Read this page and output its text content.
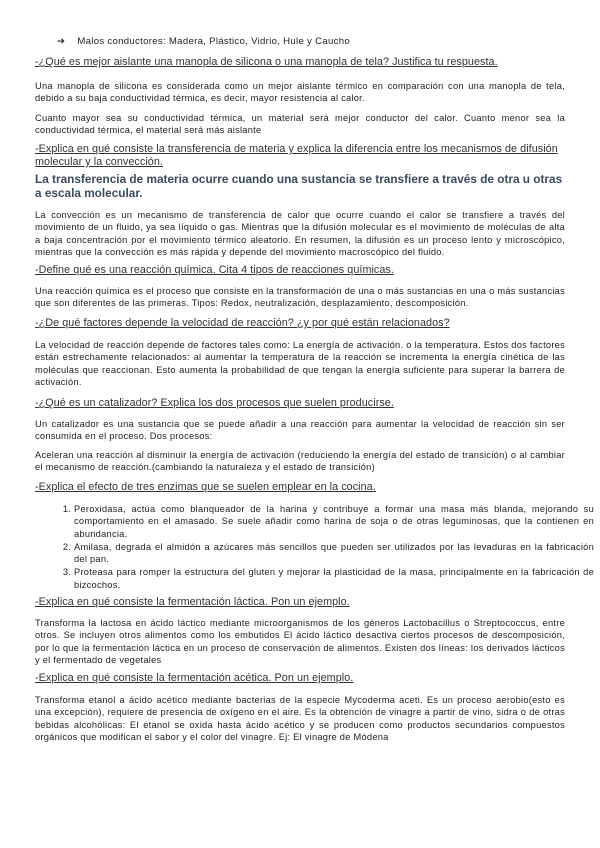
➔ Malos conductores: Madera, Plástico, Vidrio, Hule y Caucho
-¿Qué es mejor aislante una manopla de silicona o una manopla de tela? Justifica tu respuesta.
Una manopla de silicona es considerada como un mejor aislante térmico en comparación con una manopla de tela, debido a su baja conductividad térmica, es decir, mayor resistencia al calor.
Cuanto mayor sea su conductividad térmica, un material será mejor conductor del calor. Cuanto menor sea la conductividad térmica, el material será más aislante
-Explica en qué consiste la transferencia de materia y explica la diferencia entre los mecanismos de difusión molecular y la convección.
La transferencia de materia ocurre cuando una sustancia se transfiere a través de otra u otras a escala molecular.
La convección es un mecanismo de transferencia de calor que ocurre cuando el calor se transfiere a través del movimiento de un fluido, ya sea líquido o gas. Mientras que la difusión molecular es el movimiento de moléculas de alta a baja concentración por el movimiento térmico aleatorio. En resumen, la difusión es un proceso lento y microscópico, mientras que la convección es más rápida y depende del movimiento macroscópico del fluido.
-Define qué es una reacción química. Cita 4 tipos de reacciones químicas.
Una reacción química es el proceso que consiste en la transformación de una o más sustancias en una o más sustancias que son diferentes de las primeras. Tipos: Redox, neutralización, desplazamiento, descomposición.
-¿De qué factores depende la velocidad de reacción? ¿y por qué están relacionados?
La velocidad de reacción depende de factores tales como: La energía de activación. o la temperatura. Estos dos factores están estrechamente relacionados: al aumentar la temperatura de la reacción se incrementa la energía cinética de las moléculas que reaccionan. Esto aumenta la probabilidad de que tengan la energía suficiente para superar la barrera de activación.
-¿Qué es un catalizador? Explica los dos procesos que suelen producirse.
Un catalizador es una sustancia que se puede añadir a una reacción para aumentar la velocidad de reacción sin ser consumida en el proceso. Dos procesos:
Aceleran una reacción al disminuir la energía de activación (reduciendo la energía del estado de transición) o al cambiar el mecanismo de reacción.(cambiando la naturaleza y el estado de transición)
-Explica el efecto de tres enzimas que se suelen emplear en la cocina.
1. Peroxidasa, actúa como blanqueador de la harina y contribuye a formar una masa más blanda, mejorando su comportamiento en el amasado. Se suele añadir como harina de soja o de otras leguminosas, que la contienen en abundancia.
2. Amilasa, degrada el almidón a azúcares más sencillos que pueden ser utilizados por las levaduras en la fabricación del pan.
3. Proteasa para romper la estructura del gluten y mejorar la plasticidad de la masa, principalmente en la fabricación de bizcochos.
-Explica en qué consiste la fermentación láctica. Pon un ejemplo.
Transforma la lactosa en ácido láctico mediante microorganismos de los géneros Lactobacillus o Streptococcus, entre otros. Se incluyen otros alimentos como los embutidos El ácido láctico desactiva ciertos procesos de descomposición, por lo que la fermentación láctica en un proceso de conservación de alimentos. Existen dos líneas: los derivados lácticos y el fermentado de vegetales
-Explica en qué consiste la fermentación acética. Pon un ejemplo.
Transforma etanol a ácido acético mediante bacterias de la especie Mycoderma aceti. Es un proceso aerobio(esto es una excepción), requiere de presencia de oxígeno en el aire. Es la obtención de vinagre a partir de vino, sidra o de otras bebidas alcohólicas: El etanol se oxida hasta ácido acético y se producen como productos secundarios compuestos orgánicos que modifican el sabor y el color del vinagre. Ej: El vinagre de Módena
